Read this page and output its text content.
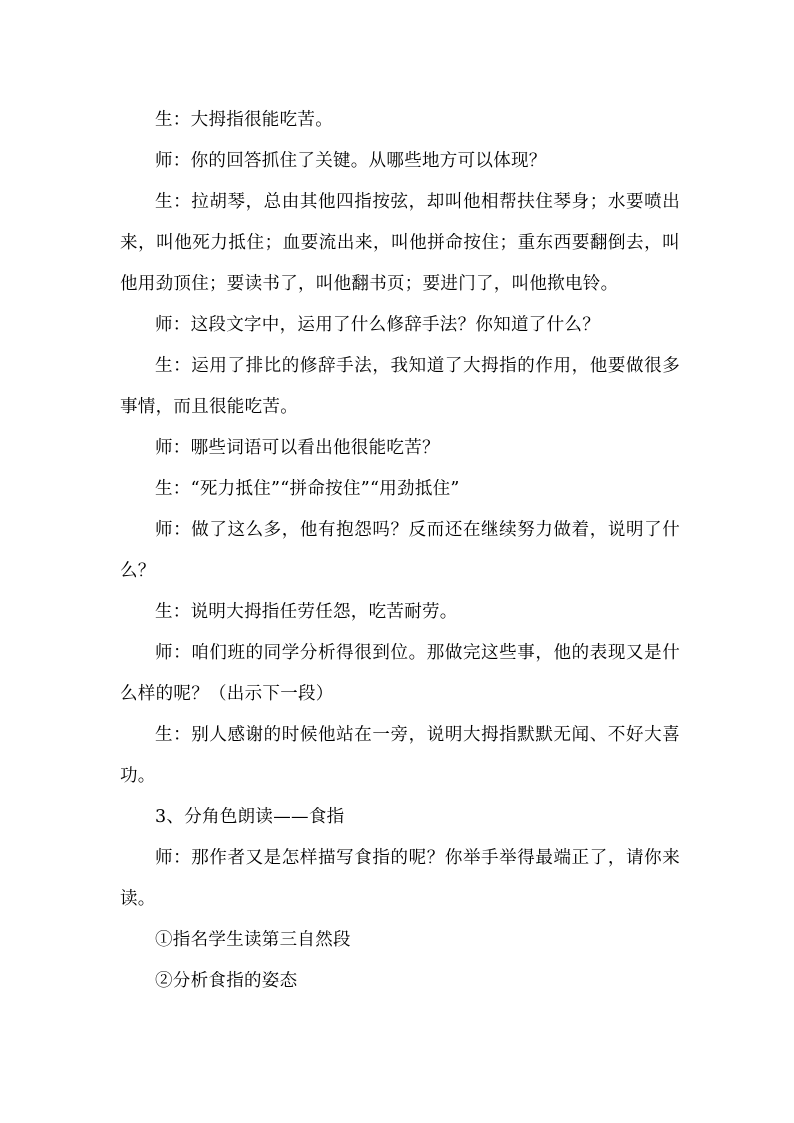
生：大拇指很能吃苦。

师：你的回答抓住了关键。从哪些地方可以体现？

生：拉胡琴，总由其他四指按弦，却叫他相帮扶住琴身；水要喷出来，叫他死力抵住；血要流出来，叫他拼命按住；重东西要翻倒去，叫他用劲顶住；要读书了，叫他翻书页；要进门了，叫他揿电铃。

师：这段文字中，运用了什么修辞手法？你知道了什么？

生：运用了排比的修辞手法，我知道了大拇指的作用，他要做很多事情，而且很能吃苦。

师：哪些词语可以看出他很能吃苦？

生：“死力抵住”“拼命按住”“用劲抵住”

师：做了这么多，他有抱怨吗？反而还在继续努力做着，说明了什么？

生：说明大拇指任劳任怨，吃苦耐劳。

师：咱们班的同学分析得很到位。那做完这些事，他的表现又是什么样的呢？（出示下一段）

生：别人感谢的时候他站在一旁，说明大拇指默默无闻、不好大喜功。

3、分角色朗读——食指

师：那作者又是怎样描写食指的呢？你举手举得最端正了，请你来读。

①指名学生读第三自然段

②分析食指的姿态
